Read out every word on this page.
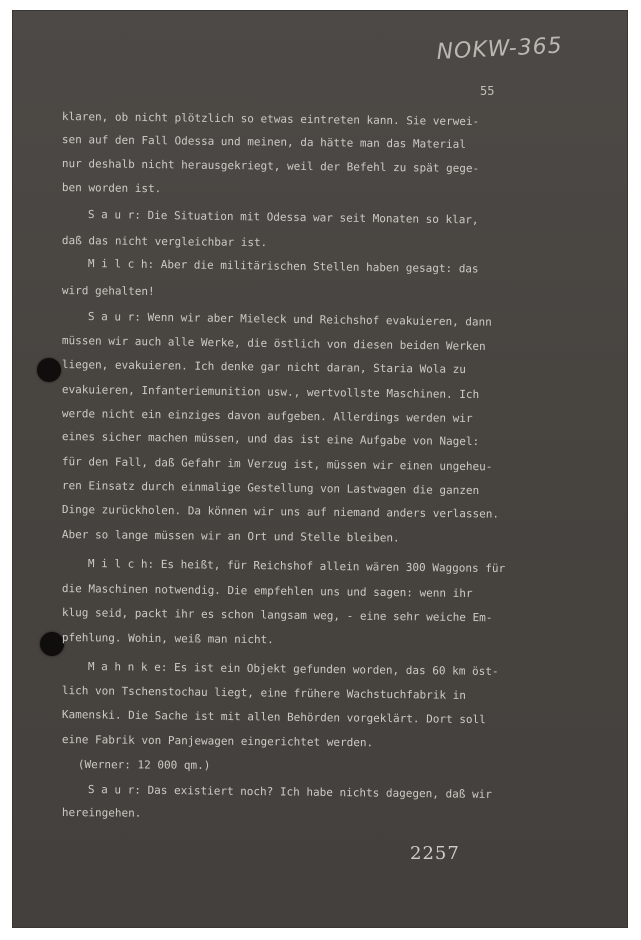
NOKW-365
55
klaren, ob nicht plötzlich so etwas eintreten kann. Sie verwei-
sen auf den Fall Odessa und meinen, da hätte man das Material
nur deshalb nicht herausgekriegt, weil der Befehl zu spät gege-
ben worden ist.
S a u r: Die Situation mit Odessa war seit Monaten so klar,
daß das nicht vergleichbar ist.
M i l c h: Aber die militärischen Stellen haben gesagt: das
wird gehalten!
S a u r: Wenn wir aber Mieleck und Reichshof evakuieren, dann
müssen wir auch alle Werke, die östlich von diesen beiden Werken
liegen, evakuieren. Ich denke gar nicht daran, Staria Wola zu
evakuieren, Infanteriemunition usw., wertvollste Maschinen. Ich
werde nicht ein einziges davon aufgeben. Allerdings werden wir
eines sicher machen müssen, und das ist eine Aufgabe von Nagel:
für den Fall, daß Gefahr im Verzug ist, müssen wir einen ungeheu-
ren Einsatz durch einmalige Gestellung von Lastwagen die ganzen
Dinge zurückholen. Da können wir uns auf niemand anders verlassen.
Aber so lange müssen wir an Ort und Stelle bleiben.
M i l c h: Es heißt, für Reichshof allein wären 300 Waggons für
die Maschinen notwendig. Die empfehlen uns und sagen: wenn ihr
klug seid, packt ihr es schon langsam weg, - eine sehr weiche Em-
pfehlung. Wohin, weiß man nicht.
M a h n k e: Es ist ein Objekt gefunden worden, das 60 km öst-
lich von Tschenstochau liegt, eine frühere Wachstuchfabrik in
Kamenski. Die Sache ist mit allen Behörden vorgeklärt. Dort soll
eine Fabrik von Panjewagen eingerichtet werden.
(Werner: 12 000 qm.)
S a u r: Das existiert noch? Ich habe nichts dagegen, daß wir
hereingehen.
2257
